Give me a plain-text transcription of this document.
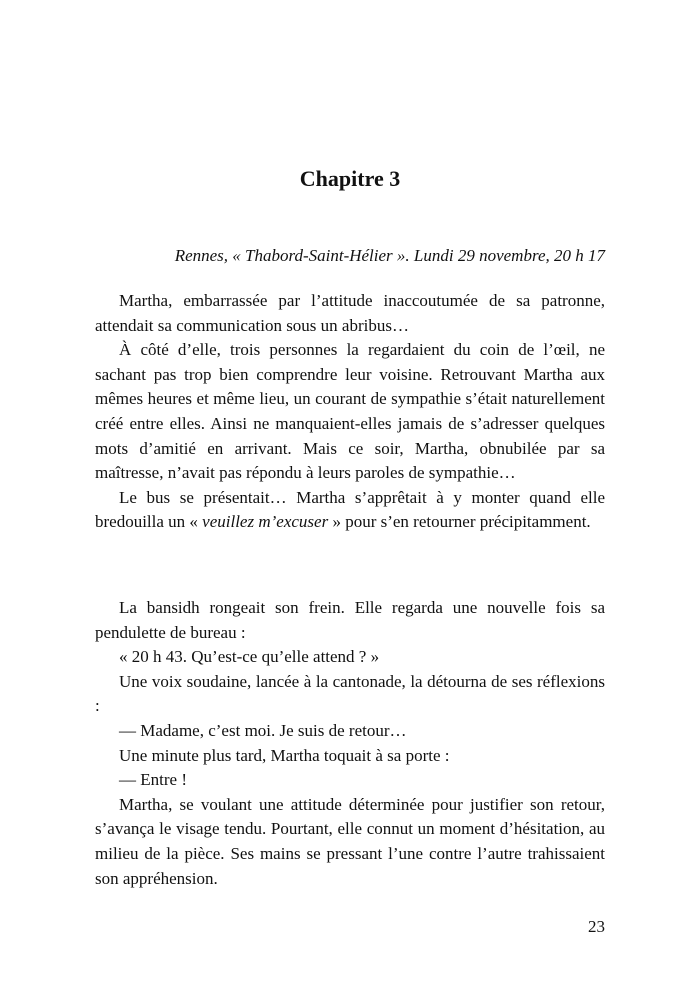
Chapitre 3
Rennes, « Thabord-Saint-Hélier ». Lundi 29 novembre, 20 h 17

Martha, embarrassée par l’attitude inaccoutumée de sa patronne, attendait sa communication sous un abribus…

À côté d’elle, trois personnes la regardaient du coin de l’œil, ne sachant pas trop bien comprendre leur voisine. Retrouvant Martha aux mêmes heures et même lieu, un courant de sympathie s’était naturellement créé entre elles. Ainsi ne manquaient-elles jamais de s’adresser quelques mots d’amitié en arrivant. Mais ce soir, Martha, obnubilée par sa maîtresse, n’avait pas répondu à leurs paroles de sympathie…

Le bus se présentait… Martha s’apprêtait à y monter quand elle bredouilla un « veuillez m’excuser » pour s’en retourner précipitamment.

La bansidh rongeait son frein. Elle regarda une nouvelle fois sa pendulette de bureau :

« 20 h 43. Qu’est-ce qu’elle attend ? »

Une voix soudaine, lancée à la cantonade, la détourna de ses réflexions :

— Madame, c’est moi. Je suis de retour…

Une minute plus tard, Martha toquait à sa porte :

— Entre !

Martha, se voulant une attitude déterminée pour justifier son retour, s’avança le visage tendu. Pourtant, elle connut un moment d’hésitation, au milieu de la pièce. Ses mains se pressant l’une contre l’autre trahissaient son appréhension.

23
